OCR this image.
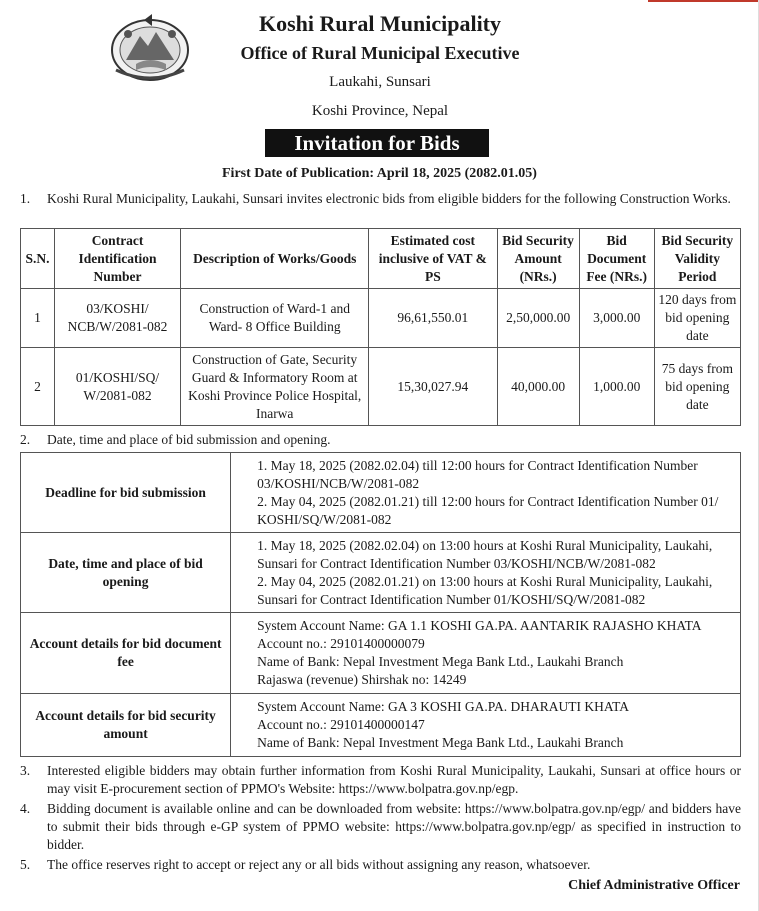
Koshi Rural Municipality
Office of Rural Municipal Executive
Laukahi, Sunsari
Koshi Province, Nepal
Invitation for Bids
First Date of Publication: April 18, 2025 (2082.01.05)
1. Koshi Rural Municipality, Laukahi, Sunsari invites electronic bids from eligible bidders for the following Construction Works.
S.N.	Contract Identification Number	Description of Works/Goods	Estimated cost inclusive of VAT & PS	Bid Security Amount (NRs.)	Bid Document Fee (NRs.)	Bid Security Validity Period
1	03/KOSHI/ NCB/W/2081-082	Construction of Ward-1 and Ward- 8 Office Building	96,61,550.01	2,50,000.00	3,000.00	120 days from bid opening date
2	01/KOSHI/SQ/ W/2081-082	Construction of Gate, Security Guard & Informatory Room at Koshi Province Police Hospital, Inarwa	15,30,027.94	40,000.00	1,000.00	75 days from bid opening date
2. Date, time and place of bid submission and opening.
Deadline for bid submission	1. May 18, 2025 (2082.02.04) till 12:00 hours for Contract Identification Number 03/KOSHI/NCB/W/2081-082
2. May 04, 2025 (2082.01.21) till 12:00 hours for Contract Identification Number 01/ KOSHI/SQ/W/2081-082

Date, time and place of bid opening	1. May 18, 2025 (2082.02.04) on 13:00 hours at Koshi Rural Municipality, Laukahi, Sunsari for Contract Identification Number 03/KOSHI/NCB/W/2081-082
2. May 04, 2025 (2082.01.21) on 13:00 hours at Koshi Rural Municipality, Laukahi, Sunsari for Contract Identification Number 01/KOSHI/SQ/W/2081-082

Account details for bid document fee	System Account Name: GA 1.1 KOSHI GA.PA. AANTARIK RAJASHO KHATA
Account no.: 29101400000079
Name of Bank: Nepal Investment Mega Bank Ltd., Laukahi Branch
Rajaswa (revenue) Shirshak no: 14249

Account details for bid security amount	System Account Name: GA 3 KOSHI GA.PA. DHARAUTI KHATA
Account no.: 29101400000147
Name of Bank: Nepal Investment Mega Bank Ltd., Laukahi Branch
3. Interested eligible bidders may obtain further information from Koshi Rural Municipality, Laukahi, Sunsari at office hours or may visit E-procurement section of PPMO's Website: https://www.bolpatra.gov.np/egp.
4. Bidding document is available online and can be downloaded from website: https://www.bolpatra.gov.np/egp/ and bidders have to submit their bids through e-GP system of PPMO website: https://www.bolpatra.gov.np/egp/ as specified in instruction to bidder.
5. The office reserves right to accept or reject any or all bids without assigning any reason, whatsoever.
Chief Administrative Officer
